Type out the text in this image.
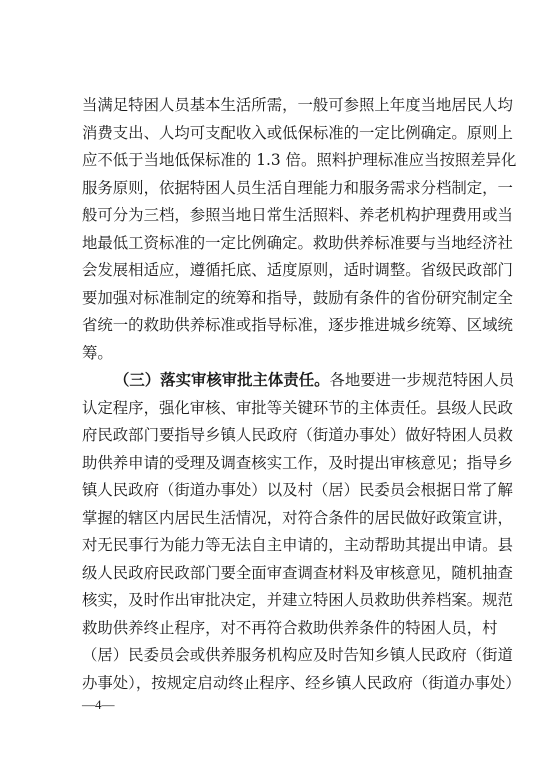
当满足特困人员基本生活所需，一般可参照上年度当地居民人均
消费支出、人均可支配收入或低保标准的一定比例确定。原则上
应不低于当地低保标准的 1.3 倍。照料护理标准应当按照差异化
服务原则，依据特困人员生活自理能力和服务需求分档制定，一
般可分为三档，参照当地日常生活照料、养老机构护理费用或当
地最低工资标准的一定比例确定。救助供养标准要与当地经济社
会发展相适应，遵循托底、适度原则，适时调整。省级民政部门
要加强对标准制定的统筹和指导，鼓励有条件的省份研究制定全
省统一的救助供养标准或指导标准，逐步推进城乡统筹、区域统
筹。
（三）落实审核审批主体责任。各地要进一步规范特困人员
认定程序，强化审核、审批等关键环节的主体责任。县级人民政
府民政部门要指导乡镇人民政府（街道办事处）做好特困人员救
助供养申请的受理及调查核实工作，及时提出审核意见；指导乡
镇人民政府（街道办事处）以及村（居）民委员会根据日常了解
掌握的辖区内居民生活情况，对符合条件的居民做好政策宣讲，
对无民事行为能力等无法自主申请的，主动帮助其提出申请。县
级人民政府民政部门要全面审查调查材料及审核意见，随机抽查
核实，及时作出审批决定，并建立特困人员救助供养档案。规范
救助供养终止程序，对不再符合救助供养条件的特困人员，村
（居）民委员会或供养服务机构应及时告知乡镇人民政府（街道
办事处），按规定启动终止程序、经乡镇人民政府（街道办事处）
—4—
